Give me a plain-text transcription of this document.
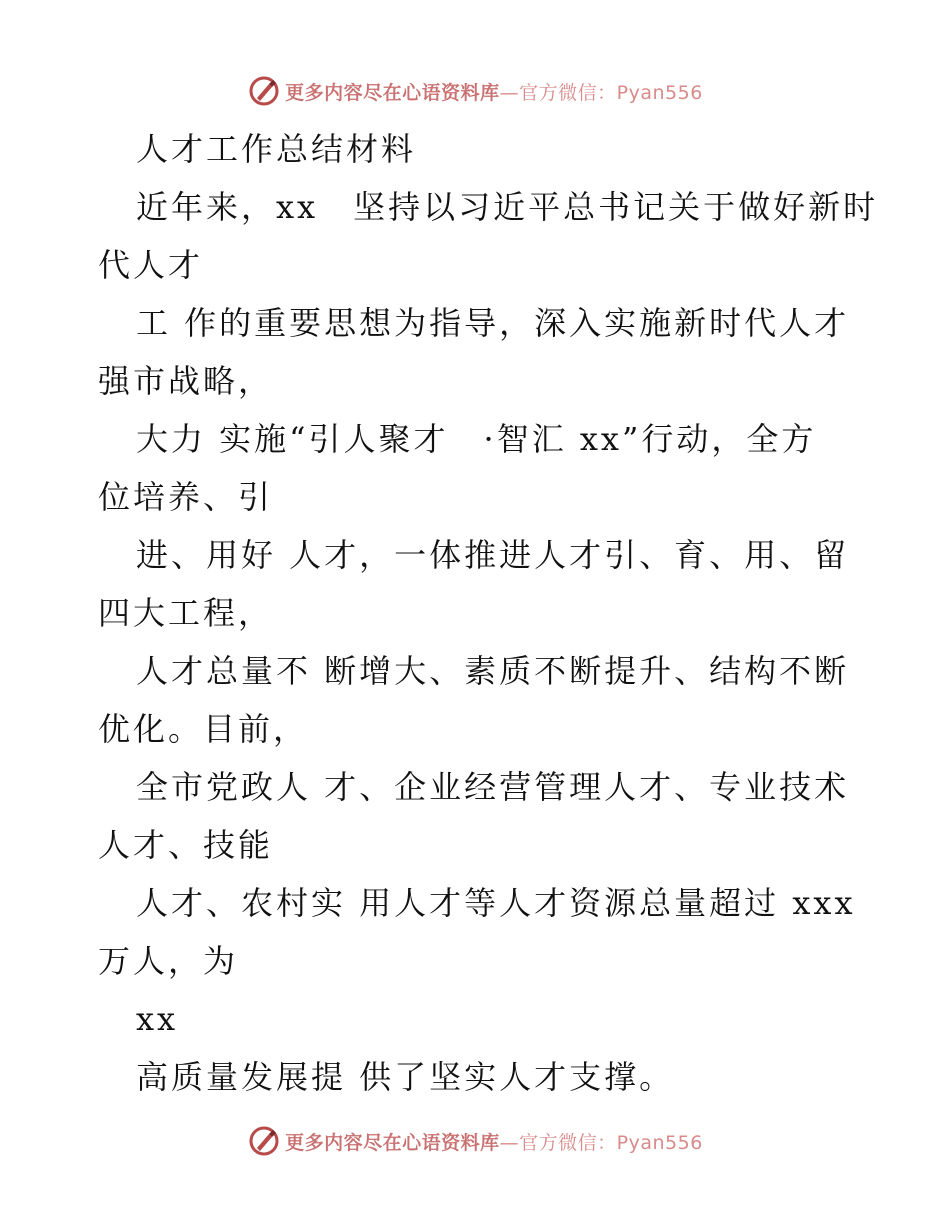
更多内容尽在心语资料库—官方微信：Pyan556
人才工作总结材料
近年来，xx　坚持以习近平总书记关于做好新时
代人才
工 作的重要思想为指导，深入实施新时代人才
强市战略，
大力 实施“引人聚才　·智汇 xx”行动，全方
位培养、引
进、用好 人才，一体推进人才引、育、用、留
四大工程，
人才总量不 断增大、素质不断提升、结构不断
优化。目前，
全市党政人 才、企业经营管理人才、专业技术
人才、技能
人才、农村实 用人才等人才资源总量超过 xxx
万人，为
xx
高质量发展提 供了坚实人才支撑。
更多内容尽在心语资料库—官方微信：Pyan556
